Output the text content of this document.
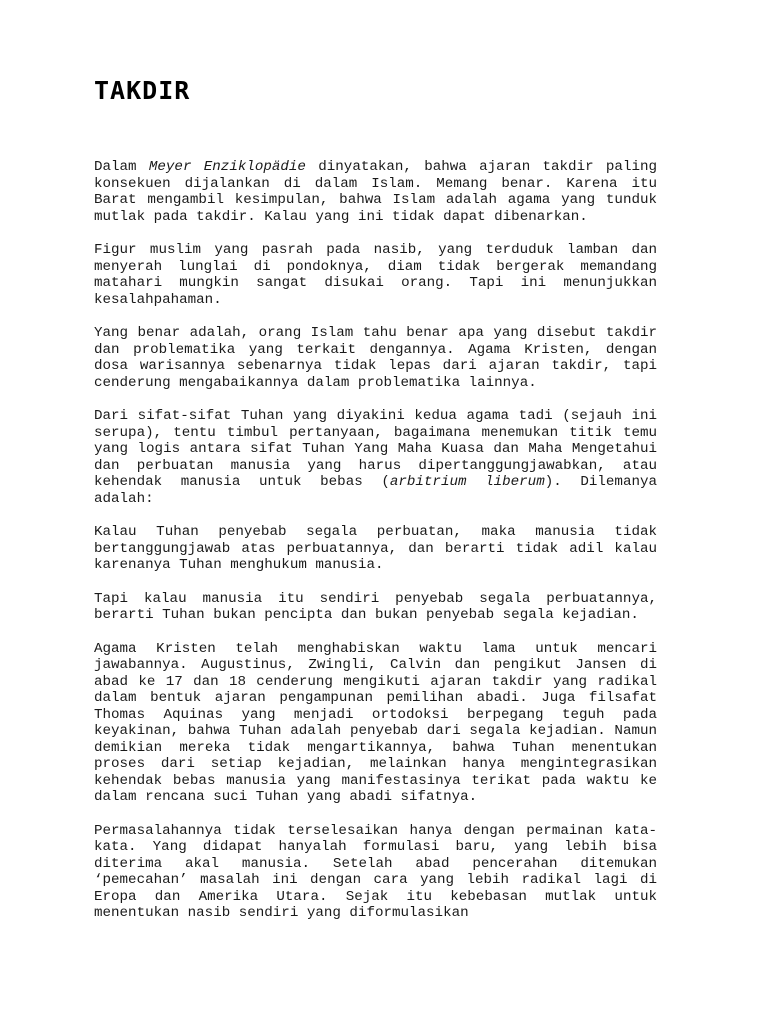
TAKDIR

Dalam Meyer Enziklopädie dinyatakan, bahwa ajaran takdir paling konsekuen dijalankan di dalam Islam. Memang benar. Karena itu Barat mengambil kesimpulan, bahwa Islam adalah agama yang tunduk mutlak pada takdir. Kalau yang ini tidak dapat dibenarkan.

Figur muslim yang pasrah pada nasib, yang terduduk lamban dan menyerah lunglai di pondoknya, diam tidak bergerak memandang matahari mungkin sangat disukai orang. Tapi ini menunjukkan kesalahpahaman.

Yang benar adalah, orang Islam tahu benar apa yang disebut takdir dan problematika yang terkait dengannya. Agama Kristen, dengan dosa warisannya sebenarnya tidak lepas dari ajaran takdir, tapi cenderung mengabaikannya dalam problematika lainnya.

Dari sifat-sifat Tuhan yang diyakini kedua agama tadi (sejauh ini serupa), tentu timbul pertanyaan, bagaimana menemukan titik temu yang logis antara sifat Tuhan Yang Maha Kuasa dan Maha Mengetahui dan perbuatan manusia yang harus dipertanggungjawabkan, atau kehendak manusia untuk bebas (arbitrium liberum). Dilemanya adalah:

Kalau Tuhan penyebab segala perbuatan, maka manusia tidak bertanggungjawab atas perbuatannya, dan berarti tidak adil kalau karenanya Tuhan menghukum manusia.

Tapi kalau manusia itu sendiri penyebab segala perbuatannya, berarti Tuhan bukan pencipta dan bukan penyebab segala kejadian.

Agama Kristen telah menghabiskan waktu lama untuk mencari jawabannya. Augustinus, Zwingli, Calvin dan pengikut Jansen di abad ke 17 dan 18 cenderung mengikuti ajaran takdir yang radikal dalam bentuk ajaran pengampunan pemilihan abadi. Juga filsafat Thomas Aquinas yang menjadi ortodoksi berpegang teguh pada keyakinan, bahwa Tuhan adalah penyebab dari segala kejadian. Namun demikian mereka tidak mengartikannya, bahwa Tuhan menentukan proses dari setiap kejadian, melainkan hanya mengintegrasikan kehendak bebas manusia yang manifestasinya terikat pada waktu ke dalam rencana suci Tuhan yang abadi sifatnya.

Permasalahannya tidak terselesaikan hanya dengan permainan kata-kata. Yang didapat hanyalah formulasi baru, yang lebih bisa diterima akal manusia. Setelah abad pencerahan ditemukan ‘pemecahan’ masalah ini dengan cara yang lebih radikal lagi di Eropa dan Amerika Utara. Sejak itu kebebasan mutlak untuk menentukan nasib sendiri yang diformulasikan
